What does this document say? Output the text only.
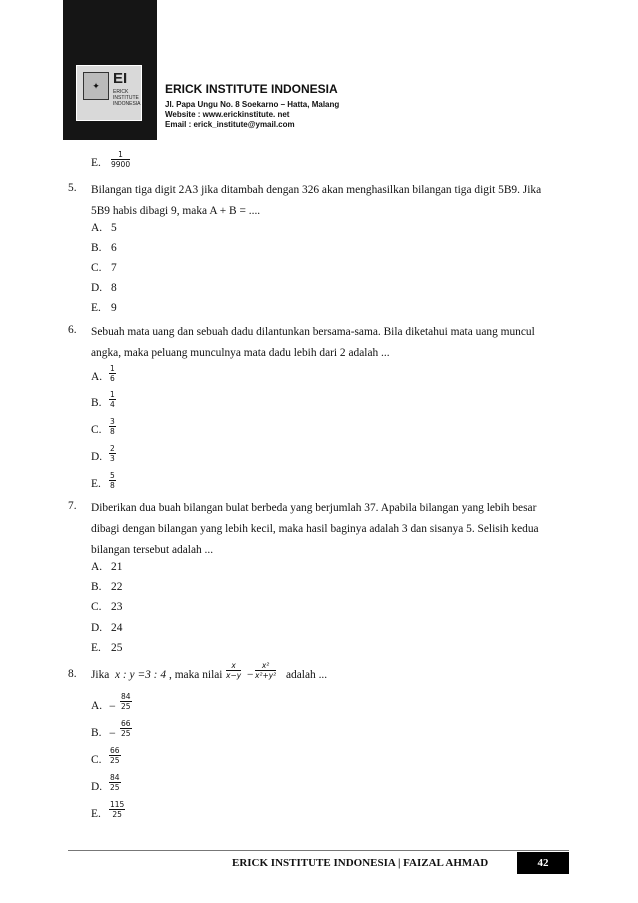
✦ EI
ERICK INSTITUTE INDONESIA
ERICK INSTITUTE INDONESIA
Jl. Papa Ungu No. 8 Soekarno – Hatta, Malang
Website : www.erickinstitute. net
Email : erick_institute@ymail.com
E. $\frac{1}{9900}$
5. Bilangan tiga digit 2A3 jika ditambah dengan 326 akan menghasilkan bilangan tiga digit 5B9. Jika
5B9 habis dibagi 9, maka A + B = ....
A. 5
B. 6
C. 7
D. 8
E. 9
6. Sebuah mata uang dan sebuah dadu dilantunkan bersama-sama. Bila diketahui mata uang muncul
angka, maka peluang munculnya mata dadu lebih dari 2 adalah ...
A. $\frac{1}{6}$
B. $\frac{1}{4}$
C. $\frac{3}{8}$
D. $\frac{2}{3}$
E. $\frac{5}{8}$
7. Diberikan dua buah bilangan bulat berbeda yang berjumlah 37. Apabila bilangan yang lebih besar
dibagi dengan bilangan yang lebih kecil, maka hasil baginya adalah 3 dan sisanya 5. Selisih kedua
bilangan tersebut adalah ...
A. 21
B. 22
C. 23
D. 24
E. 25
8. Jika x : y =3 : 4 , maka nilai $\frac{x}{x-y} - \frac{\text{x²}}{\text{x²+y²}}$ adalah ...
A. − $\frac{84}{25}$
B. − $\frac{66}{25}$
C. $\frac{66}{25}$
D. $\frac{84}{25}$
E. $\frac{115}{25}$
ERICK INSTITUTE INDONESIA | FAIZAL AHMAD	42
